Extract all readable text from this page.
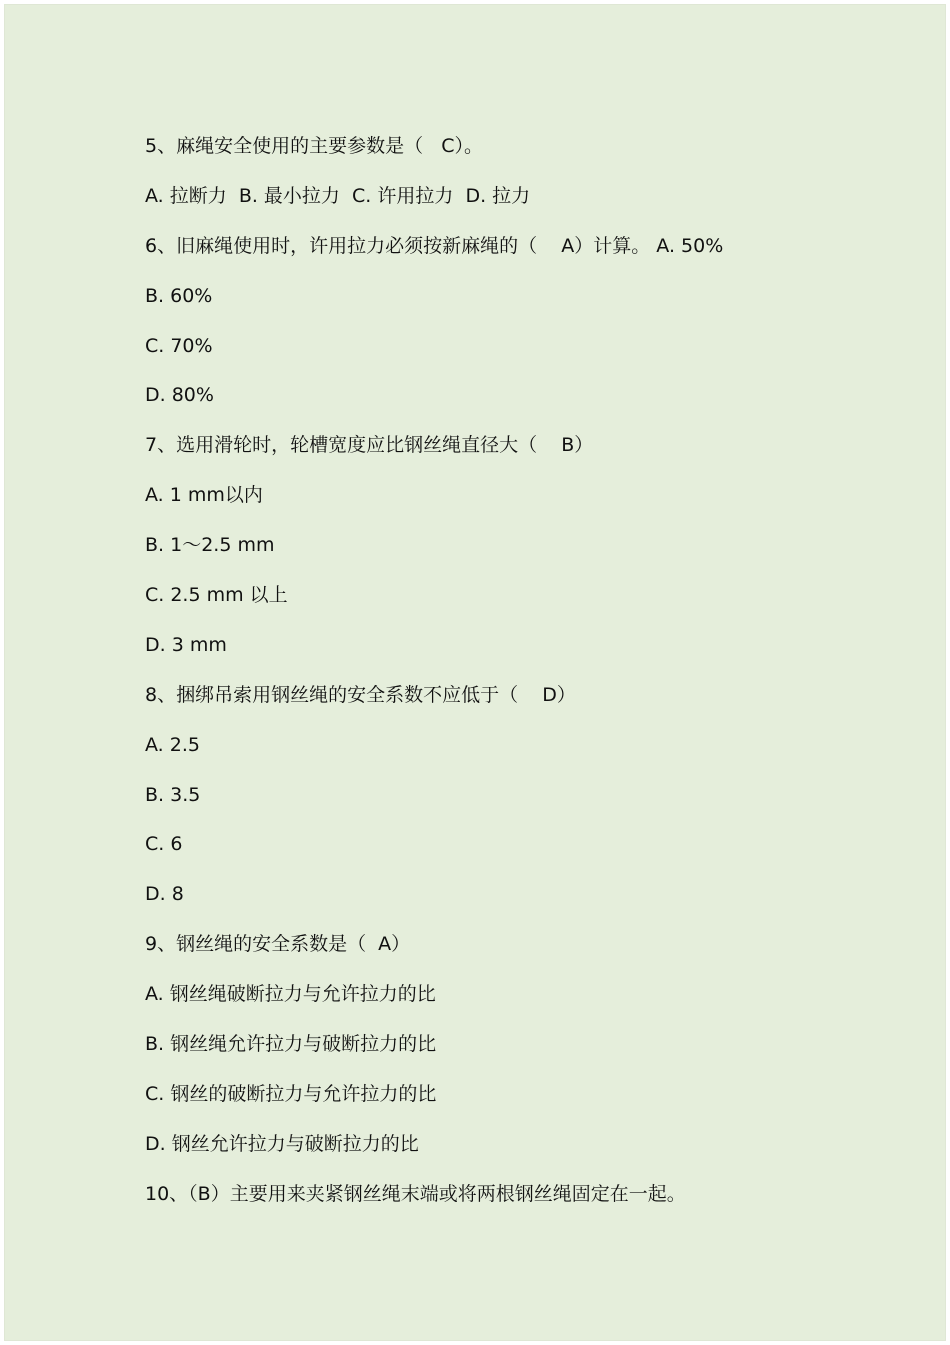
5、麻绳安全使用的主要参数是（   C）。
A. 拉断力  B. 最小拉力  C. 许用拉力  D. 拉力
6、旧麻绳使用时，许用拉力必须按新麻绳的（    A）计算。 A. 50%
B. 60%
C. 70%
D. 80%
7、选用滑轮时，轮槽宽度应比钢丝绳直径大（    B）
A. 1 mm以内
B. 1～2.5 mm
C. 2.5 mm 以上
D. 3 mm
8、捆绑吊索用钢丝绳的安全系数不应低于（    D）
A. 2.5
B. 3.5
C. 6
D. 8
9、钢丝绳的安全系数是（  A）
A. 钢丝绳破断拉力与允许拉力的比
B. 钢丝绳允许拉力与破断拉力的比
C. 钢丝的破断拉力与允许拉力的比
D. 钢丝允许拉力与破断拉力的比
10、（B）主要用来夹紧钢丝绳末端或将两根钢丝绳固定在一起。
